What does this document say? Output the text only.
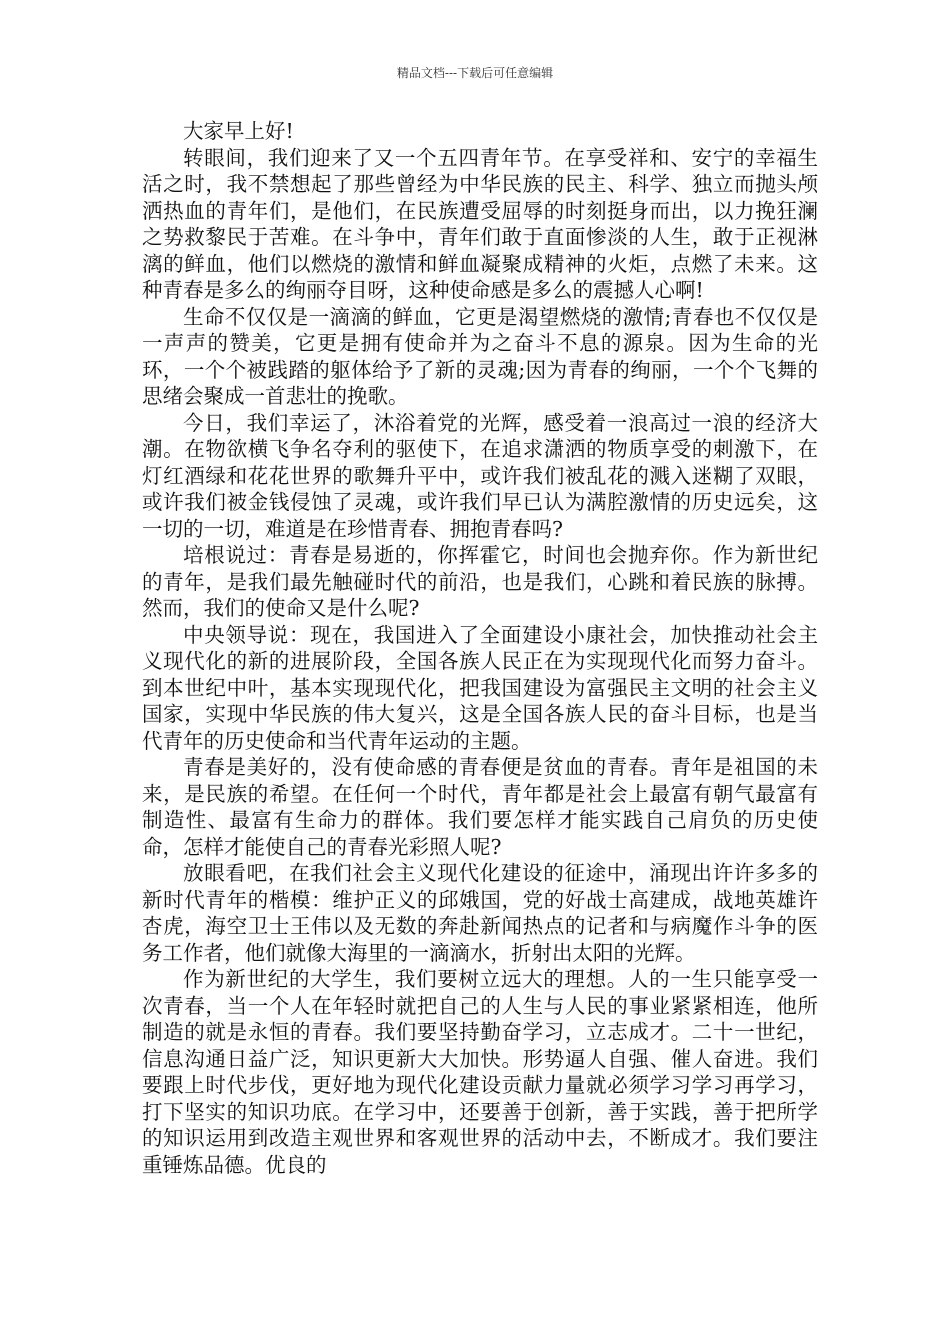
精品文档---下载后可任意编辑

大家早上好!

转眼间，我们迎来了又一个五四青年节。在享受祥和、安宁的幸福生活之时，我不禁想起了那些曾经为中华民族的民主、科学、独立而抛头颅洒热血的青年们，是他们，在民族遭受屈辱的时刻挺身而出，以力挽狂澜之势救黎民于苦难。在斗争中，青年们敢于直面惨淡的人生，敢于正视淋漓的鲜血，他们以燃烧的激情和鲜血凝聚成精神的火炬，点燃了未来。这种青春是多么的绚丽夺目呀，这种使命感是多么的震撼人心啊!

生命不仅仅是一滴滴的鲜血，它更是渴望燃烧的激情;青春也不仅仅是一声声的赞美，它更是拥有使命并为之奋斗不息的源泉。因为生命的光环，一个个被践踏的躯体给予了新的灵魂;因为青春的绚丽，一个个飞舞的思绪会聚成一首悲壮的挽歌。

今日，我们幸运了，沐浴着党的光辉，感受着一浪高过一浪的经济大潮。在物欲横飞争名夺利的驱使下，在追求潇洒的物质享受的刺激下，在灯红酒绿和花花世界的歌舞升平中，或许我们被乱花的溅入迷糊了双眼，或许我们被金钱侵蚀了灵魂，或许我们早已认为满腔激情的历史远矣，这一切的一切，难道是在珍惜青春、拥抱青春吗?

培根说过：青春是易逝的，你挥霍它，时间也会抛弃你。作为新世纪的青年，是我们最先触碰时代的前沿，也是我们，心跳和着民族的脉搏。然而，我们的使命又是什么呢?

中央领导说：现在，我国进入了全面建设小康社会，加快推动社会主义现代化的新的进展阶段，全国各族人民正在为实现现代化而努力奋斗。到本世纪中叶，基本实现现代化，把我国建设为富强民主文明的社会主义国家，实现中华民族的伟大复兴，这是全国各族人民的奋斗目标，也是当代青年的历史使命和当代青年运动的主题。

青春是美好的，没有使命感的青春便是贫血的青春。青年是祖国的未来，是民族的希望。在任何一个时代，青年都是社会上最富有朝气最富有制造性、最富有生命力的群体。我们要怎样才能实践自己肩负的历史使命，怎样才能使自己的青春光彩照人呢?

放眼看吧，在我们社会主义现代化建设的征途中，涌现出许许多多的新时代青年的楷模：维护正义的邱娥国，党的好战士高建成，战地英雄许杏虎，海空卫士王伟以及无数的奔赴新闻热点的记者和与病魔作斗争的医务工作者，他们就像大海里的一滴滴水，折射出太阳的光辉。

作为新世纪的大学生，我们要树立远大的理想。人的一生只能享受一次青春，当一个人在年轻时就把自己的人生与人民的事业紧紧相连，他所制造的就是永恒的青春。我们要坚持勤奋学习，立志成才。二十一世纪，信息沟通日益广泛，知识更新大大加快。形势逼人自强、催人奋进。我们要跟上时代步伐，更好地为现代化建设贡献力量就必须学习学习再学习，打下坚实的知识功底。在学习中，还要善于创新，善于实践，善于把所学的知识运用到改造主观世界和客观世界的活动中去，不断成才。我们要注重锤炼品德。优良的
